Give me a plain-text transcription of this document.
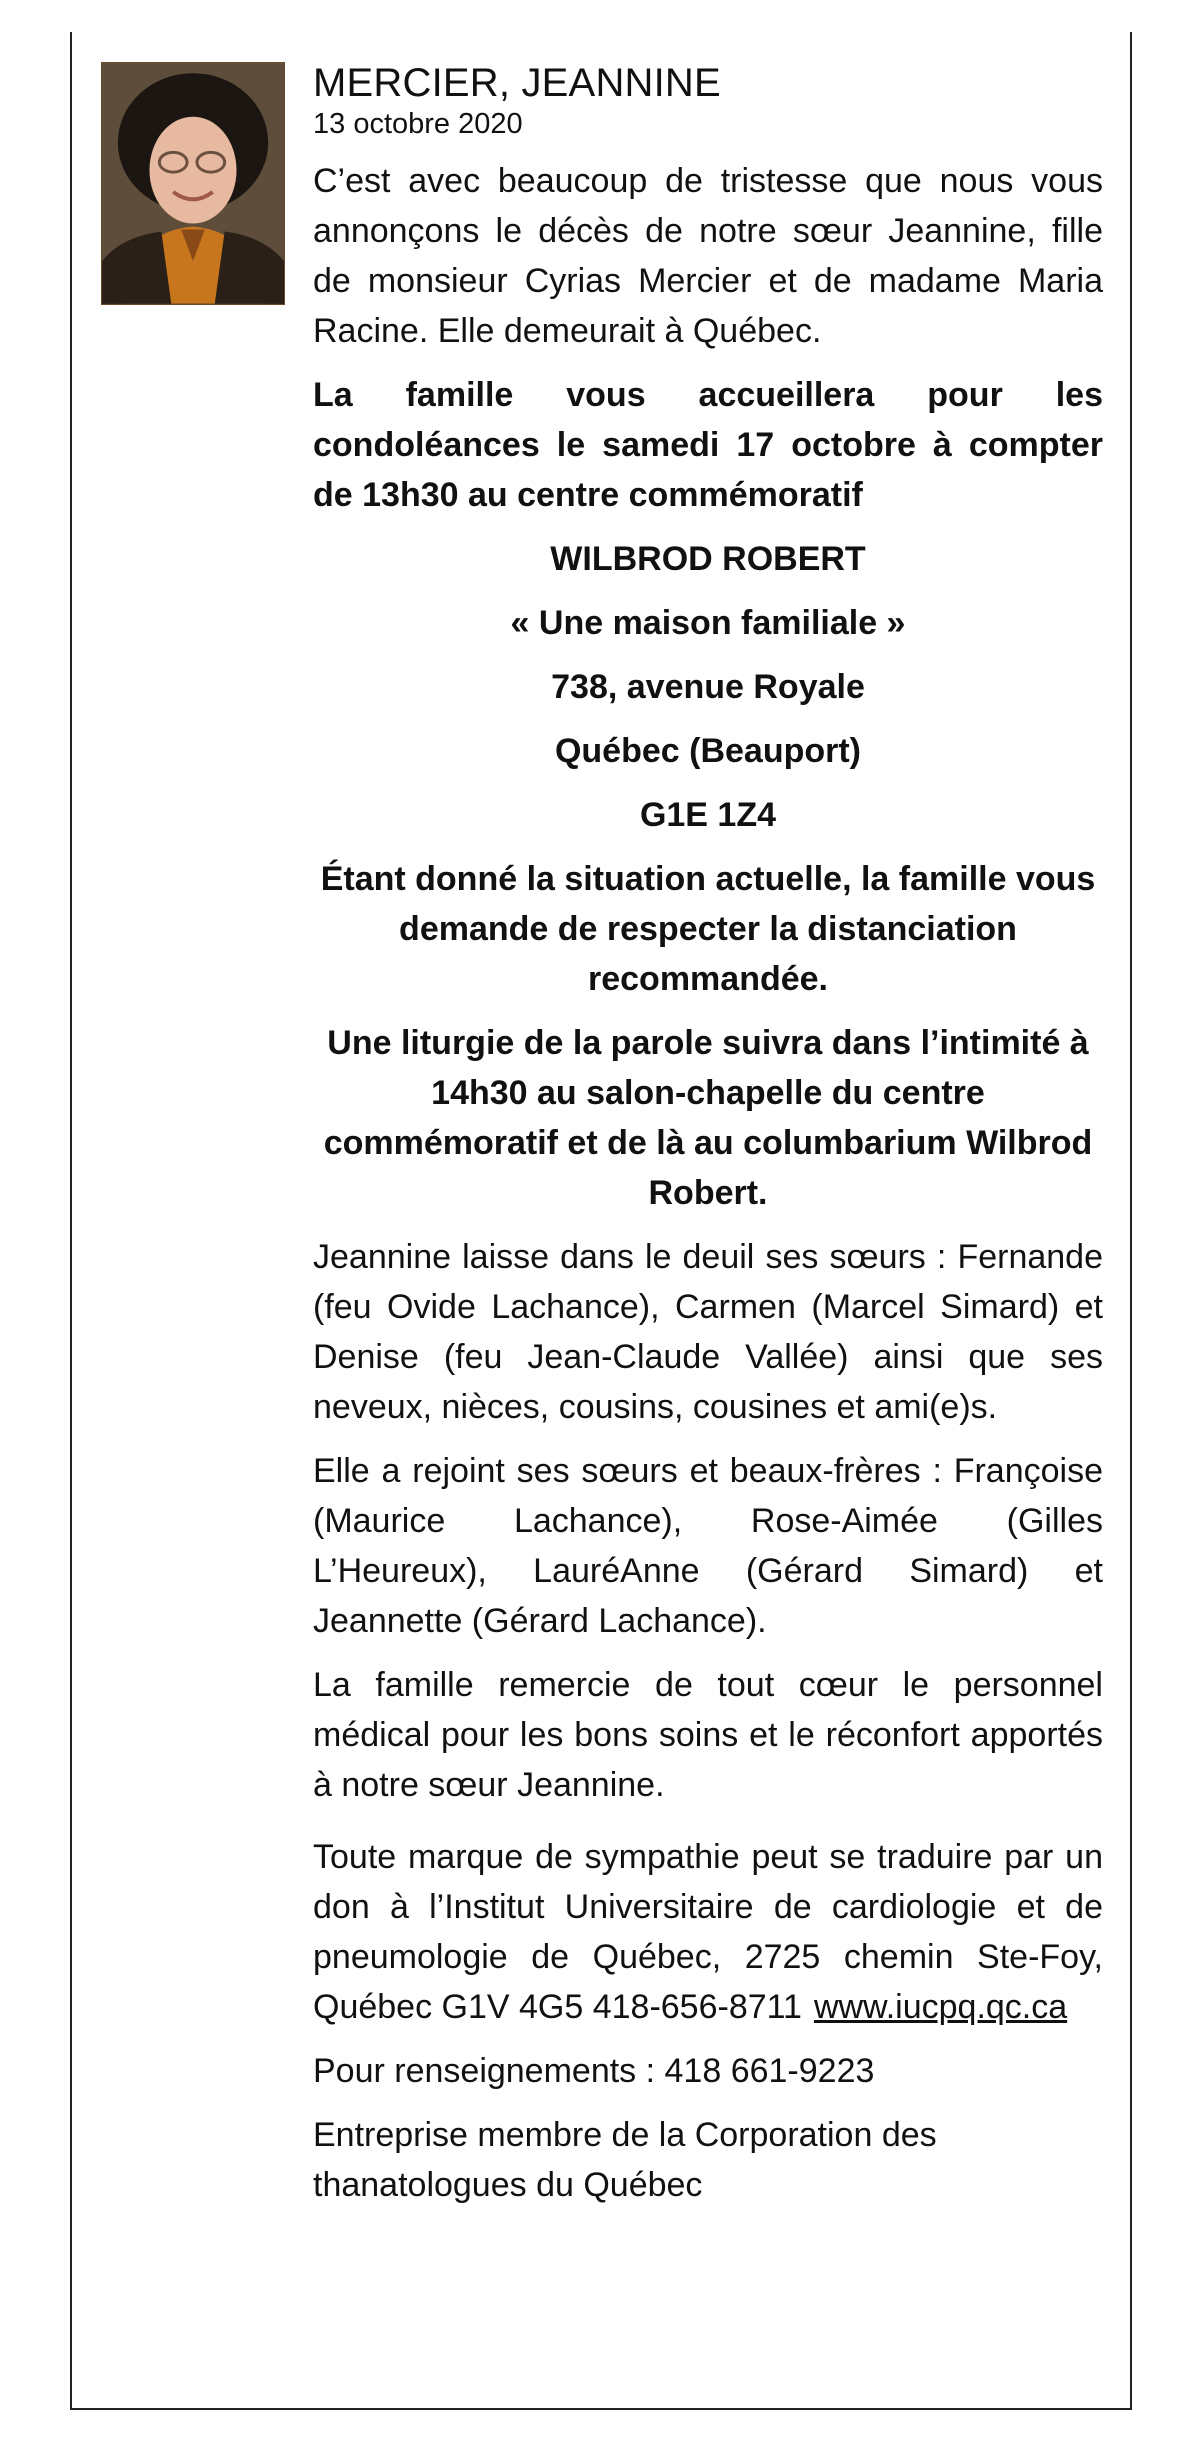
MERCIER, JEANNINE
13 octobre 2020

C’est avec beaucoup de tristesse que nous vous annonçons le décès de notre sœur Jeannine, fille de monsieur Cyrias Mercier et de madame Maria Racine. Elle demeurait à Québec.

La famille vous accueillera pour les condoléances le samedi 17 octobre à compter de 13h30 au centre commémoratif

WILBROD ROBERT
« Une maison familiale »
738, avenue Royale
Québec (Beauport)
G1E 1Z4

Étant donné la situation actuelle, la famille vous demande de respecter la distanciation recommandée.

Une liturgie de la parole suivra dans l’intimité à 14h30 au salon-chapelle du centre commémoratif et de là au columbarium Wilbrod Robert.

Jeannine laisse dans le deuil ses sœurs : Fernande (feu Ovide Lachance), Carmen (Marcel Simard) et Denise (feu Jean-Claude Vallée) ainsi que ses neveux, nièces, cousins, cousines et ami(e)s.

Elle a rejoint ses sœurs et beaux-frères : Françoise (Maurice Lachance), Rose-Aimée (Gilles L’Heureux), LauréAnne (Gérard Simard) et Jeannette (Gérard Lachance).

La famille remercie de tout cœur le personnel médical pour les bons soins et le réconfort apportés à notre sœur Jeannine.

Toute marque de sympathie peut se traduire par un don à l’Institut Universitaire de cardiologie et de pneumologie de Québec, 2725 chemin Ste-Foy, Québec G1V 4G5 418-656-8711 www.iucpq.qc.ca

Pour renseignements : 418 661-9223

Entreprise membre de la Corporation des thanatologues du Québec
